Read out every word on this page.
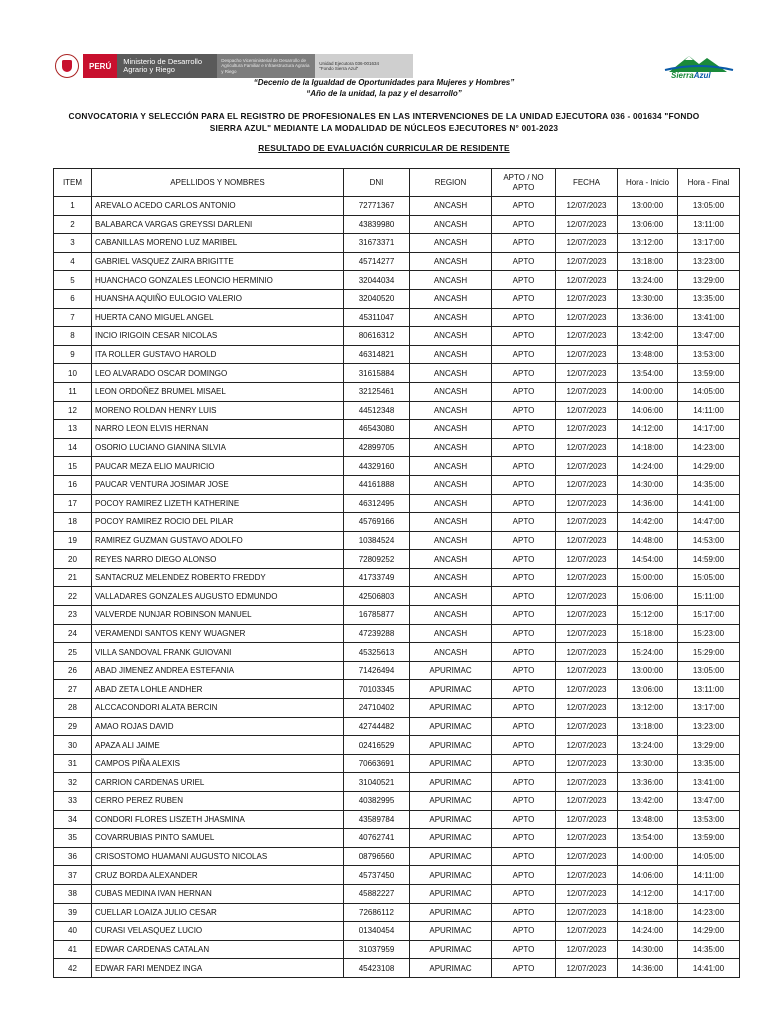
PERÚ	Ministerio de Desarrollo Agrario y Riego
Despacho Viceministerial de Desarrollo de Agricultura Familiar e Infraestructura Agraria y Riego
Unidad Ejecutora 036-001634
"Fondo Sierra Azul"
SierraAzul
“Decenio de la Igualdad de Oportunidades para Mujeres y Hombres”
“Año de la unidad, la paz y el desarrollo”
CONVOCATORIA Y SELECCIÓN PARA EL REGISTRO DE PROFESIONALES EN LAS INTERVENCIONES DE LA UNIDAD EJECUTORA 036 - 001634 "FONDO SIERRA AZUL" MEDIANTE LA MODALIDAD DE NÚCLEOS EJECUTORES N° 001-2023
RESULTADO DE EVALUACIÓN CURRICULAR DE RESIDENTE
ITEM	APELLIDOS Y NOMBRES	DNI	REGION	APTO / NO APTO	FECHA	Hora - Inicio	Hora - Final
1	AREVALO ACEDO CARLOS ANTONIO	72771367	ANCASH	APTO	12/07/2023	13:00:00	13:05:00
2	BALABARCA VARGAS GREYSSI DARLENI	43839980	ANCASH	APTO	12/07/2023	13:06:00	13:11:00
3	CABANILLAS MORENO LUZ MARIBEL	31673371	ANCASH	APTO	12/07/2023	13:12:00	13:17:00
4	GABRIEL VASQUEZ ZAIRA BRIGITTE	45714277	ANCASH	APTO	12/07/2023	13:18:00	13:23:00
5	HUANCHACO GONZALES LEONCIO HERMINIO	32044034	ANCASH	APTO	12/07/2023	13:24:00	13:29:00
6	HUANSHA AQUIÑO EULOGIO VALERIO	32040520	ANCASH	APTO	12/07/2023	13:30:00	13:35:00
7	HUERTA CANO MIGUEL ANGEL	45311047	ANCASH	APTO	12/07/2023	13:36:00	13:41:00
8	INCIO IRIGOIN CESAR NICOLAS	80616312	ANCASH	APTO	12/07/2023	13:42:00	13:47:00
9	ITA ROLLER GUSTAVO HAROLD	46314821	ANCASH	APTO	12/07/2023	13:48:00	13:53:00
10	LEO ALVARADO OSCAR DOMINGO	31615884	ANCASH	APTO	12/07/2023	13:54:00	13:59:00
11	LEON ORDOÑEZ BRUMEL MISAEL	32125461	ANCASH	APTO	12/07/2023	14:00:00	14:05:00
12	MORENO ROLDAN HENRY LUIS	44512348	ANCASH	APTO	12/07/2023	14:06:00	14:11:00
13	NARRO LEON ELVIS HERNAN	46543080	ANCASH	APTO	12/07/2023	14:12:00	14:17:00
14	OSORIO LUCIANO GIANINA SILVIA	42899705	ANCASH	APTO	12/07/2023	14:18:00	14:23:00
15	PAUCAR MEZA ELIO MAURICIO	44329160	ANCASH	APTO	12/07/2023	14:24:00	14:29:00
16	PAUCAR VENTURA JOSIMAR JOSE	44161888	ANCASH	APTO	12/07/2023	14:30:00	14:35:00
17	POCOY RAMIREZ LIZETH KATHERINE	46312495	ANCASH	APTO	12/07/2023	14:36:00	14:41:00
18	POCOY RAMIREZ ROCIO DEL PILAR	45769166	ANCASH	APTO	12/07/2023	14:42:00	14:47:00
19	RAMIREZ GUZMAN GUSTAVO ADOLFO	10384524	ANCASH	APTO	12/07/2023	14:48:00	14:53:00
20	REYES NARRO DIEGO ALONSO	72809252	ANCASH	APTO	12/07/2023	14:54:00	14:59:00
21	SANTACRUZ MELENDEZ ROBERTO FREDDY	41733749	ANCASH	APTO	12/07/2023	15:00:00	15:05:00
22	VALLADARES GONZALES AUGUSTO EDMUNDO	42506803	ANCASH	APTO	12/07/2023	15:06:00	15:11:00
23	VALVERDE NUNJAR ROBINSON MANUEL	16785877	ANCASH	APTO	12/07/2023	15:12:00	15:17:00
24	VERAMENDI SANTOS KENY WUAGNER	47239288	ANCASH	APTO	12/07/2023	15:18:00	15:23:00
25	VILLA SANDOVAL FRANK GUIOVANI	45325613	ANCASH	APTO	12/07/2023	15:24:00	15:29:00
26	ABAD JIMENEZ ANDREA ESTEFANIA	71426494	APURIMAC	APTO	12/07/2023	13:00:00	13:05:00
27	ABAD ZETA LOHLE ANDHER	70103345	APURIMAC	APTO	12/07/2023	13:06:00	13:11:00
28	ALCCACONDORI ALATA BERCIN	24710402	APURIMAC	APTO	12/07/2023	13:12:00	13:17:00
29	AMAO ROJAS DAVID	42744482	APURIMAC	APTO	12/07/2023	13:18:00	13:23:00
30	APAZA ALI JAIME	02416529	APURIMAC	APTO	12/07/2023	13:24:00	13:29:00
31	CAMPOS PIÑA ALEXIS	70663691	APURIMAC	APTO	12/07/2023	13:30:00	13:35:00
32	CARRION CARDENAS URIEL	31040521	APURIMAC	APTO	12/07/2023	13:36:00	13:41:00
33	CERRO PEREZ RUBEN	40382995	APURIMAC	APTO	12/07/2023	13:42:00	13:47:00
34	CONDORI FLORES LISZETH JHASMINA	43589784	APURIMAC	APTO	12/07/2023	13:48:00	13:53:00
35	COVARRUBIAS PINTO SAMUEL	40762741	APURIMAC	APTO	12/07/2023	13:54:00	13:59:00
36	CRISOSTOMO HUAMANI AUGUSTO NICOLAS	08796560	APURIMAC	APTO	12/07/2023	14:00:00	14:05:00
37	CRUZ BORDA ALEXANDER	45737450	APURIMAC	APTO	12/07/2023	14:06:00	14:11:00
38	CUBAS MEDINA IVAN HERNAN	45882227	APURIMAC	APTO	12/07/2023	14:12:00	14:17:00
39	CUELLAR LOAIZA JULIO CESAR	72686112	APURIMAC	APTO	12/07/2023	14:18:00	14:23:00
40	CURASI VELASQUEZ LUCIO	01340454	APURIMAC	APTO	12/07/2023	14:24:00	14:29:00
41	EDWAR CARDENAS CATALAN	31037959	APURIMAC	APTO	12/07/2023	14:30:00	14:35:00
42	EDWAR FARI MENDEZ INGA	45423108	APURIMAC	APTO	12/07/2023	14:36:00	14:41:00
